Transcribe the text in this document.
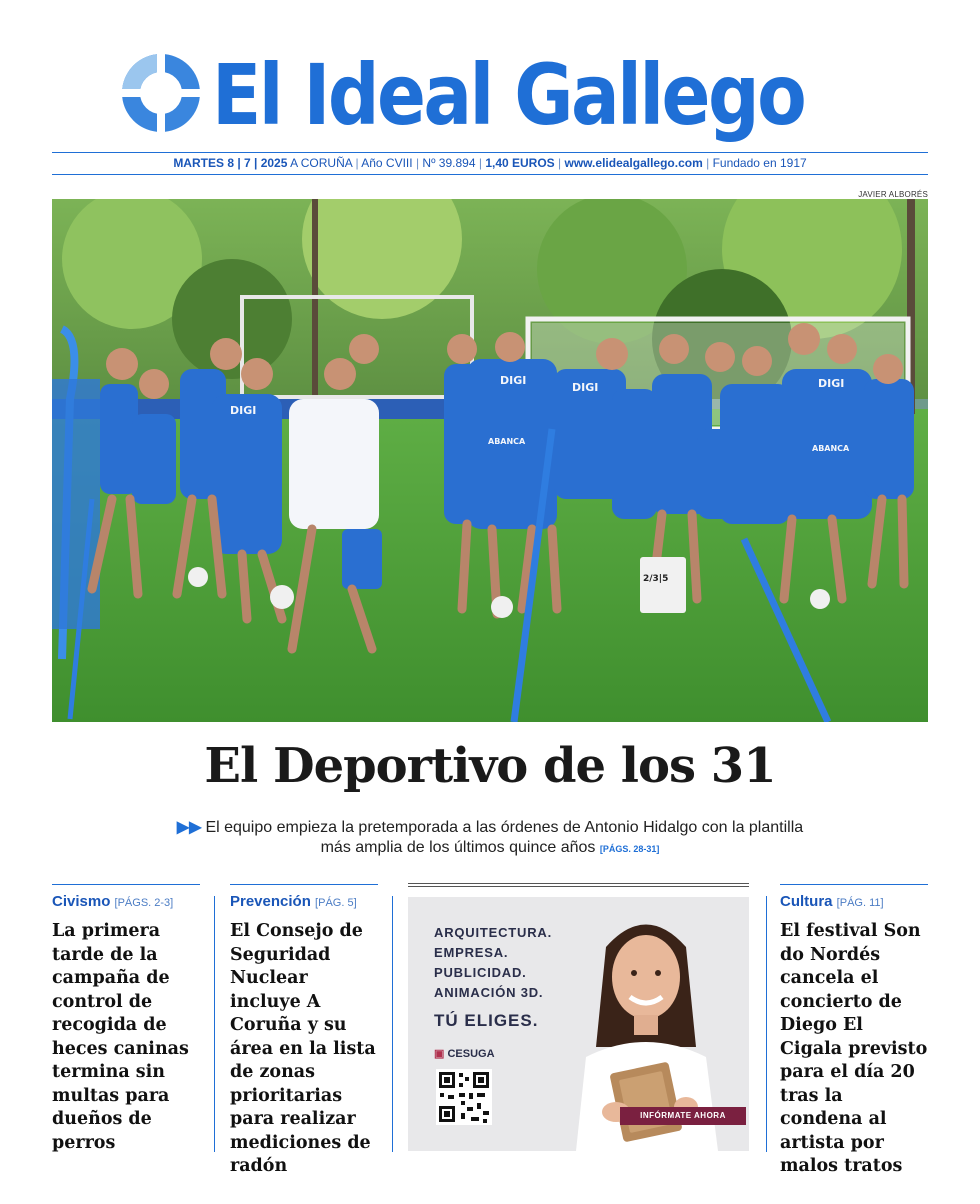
El Ideal Gallego
MARTES 8 | 7 | 2025 A CORUÑA | Año CVIII | Nº 39.894 | 1,40 EUROS | www.elidealgallego.com | Fundado en 1917
JAVIER ALBORÉS
DIGI
DIGI	DIGI
DIGI
ABANCA
ABANCA
2/3|5
El Deportivo de los 31
▶▶ El equipo empieza la pretemporada a las órdenes de Antonio Hidalgo con la plantilla más amplia de los últimos quince años [PÁGS. 28-31]
Civismo [PÁGS. 2-3]
La primera tarde de la campaña de control de recogida de heces caninas termina sin multas para dueños de perros
Prevención [PÁG. 5]
El Consejo de Seguridad Nuclear incluye A Coruña y su área en la lista de zonas prioritarias para realizar mediciones de radón
ARQUITECTURA.
EMPRESA.
PUBLICIDAD.
ANIMACIÓN 3D.
TÚ ELIGES.
▣ CESUGA
INFÓRMATE AHORA
Cultura [PÁG. 11]
El festival Son do Nordés cancela el concierto de Diego El Cigala previsto para el día 20 tras la condena al artista por malos tratos
